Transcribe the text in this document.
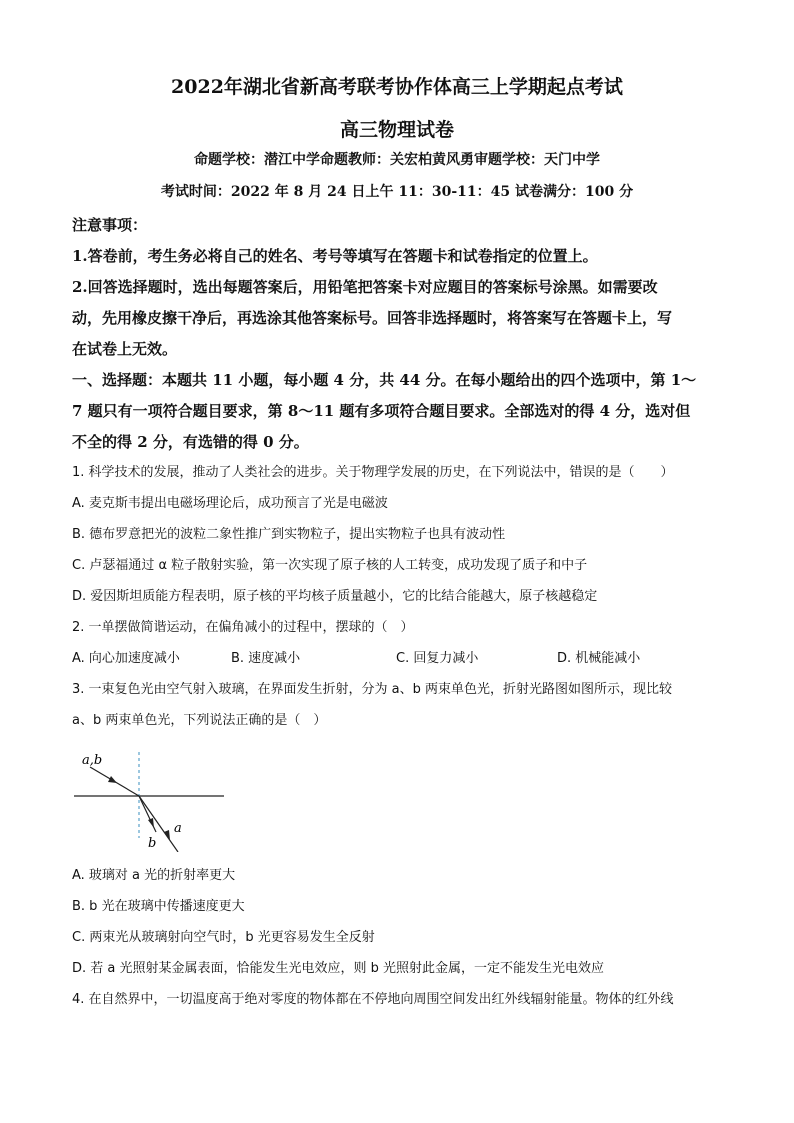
2022年湖北省新高考联考协作体高三上学期起点考试
高三物理试卷
命题学校：潜江中学命题教师：关宏柏黄风勇审题学校：天门中学
考试时间：2022 年 8 月 24 日上午 11：30-11：45 试卷满分：100 分
注意事项：
1.答卷前，考生务必将自己的姓名、考号等填写在答题卡和试卷指定的位置上。
2.回答选择题时，选出每题答案后，用铅笔把答案卡对应题目的答案标号涂黑。如需要改
动，先用橡皮擦干净后，再选涂其他答案标号。回答非选择题时，将答案写在答题卡上，写
在试卷上无效。
一、选择题：本题共 11 小题，每小题 4 分，共 44 分。在每小题给出的四个选项中，第 1～
7 题只有一项符合题目要求，第 8～11 题有多项符合题目要求。全部选对的得 4 分，选对但
不全的得 2 分，有选错的得 0 分。
1. 科学技术的发展，推动了人类社会的进步。关于物理学发展的历史，在下列说法中，错误的是（　　）
A. 麦克斯韦提出电磁场理论后，成功预言了光是电磁波
B. 德布罗意把光的波粒二象性推广到实物粒子，提出实物粒子也具有波动性
C. 卢瑟福通过 α 粒子散射实验，第一次实现了原子核的人工转变，成功发现了质子和中子
D. 爱因斯坦质能方程表明，原子核的平均核子质量越小，它的比结合能越大，原子核越稳定
2. 一单摆做简谐运动，在偏角减小的过程中，摆球的（　）
A. 向心加速度减小	B. 速度减小	C. 回复力减小	D. 机械能减小
3. 一束复色光由空气射入玻璃，在界面发生折射，分为 a、b 两束单色光，折射光路图如图所示，现比较
a、b 两束单色光，下列说法正确的是（　）
a,b
a
b
A. 玻璃对 a 光的折射率更大
B. b 光在玻璃中传播速度更大
C. 两束光从玻璃射向空气时，b 光更容易发生全反射
D. 若 a 光照射某金属表面，恰能发生光电效应，则 b 光照射此金属，一定不能发生光电效应
4. 在自然界中，一切温度高于绝对零度的物体都在不停地向周围空间发出红外线辐射能量。物体的红外线
